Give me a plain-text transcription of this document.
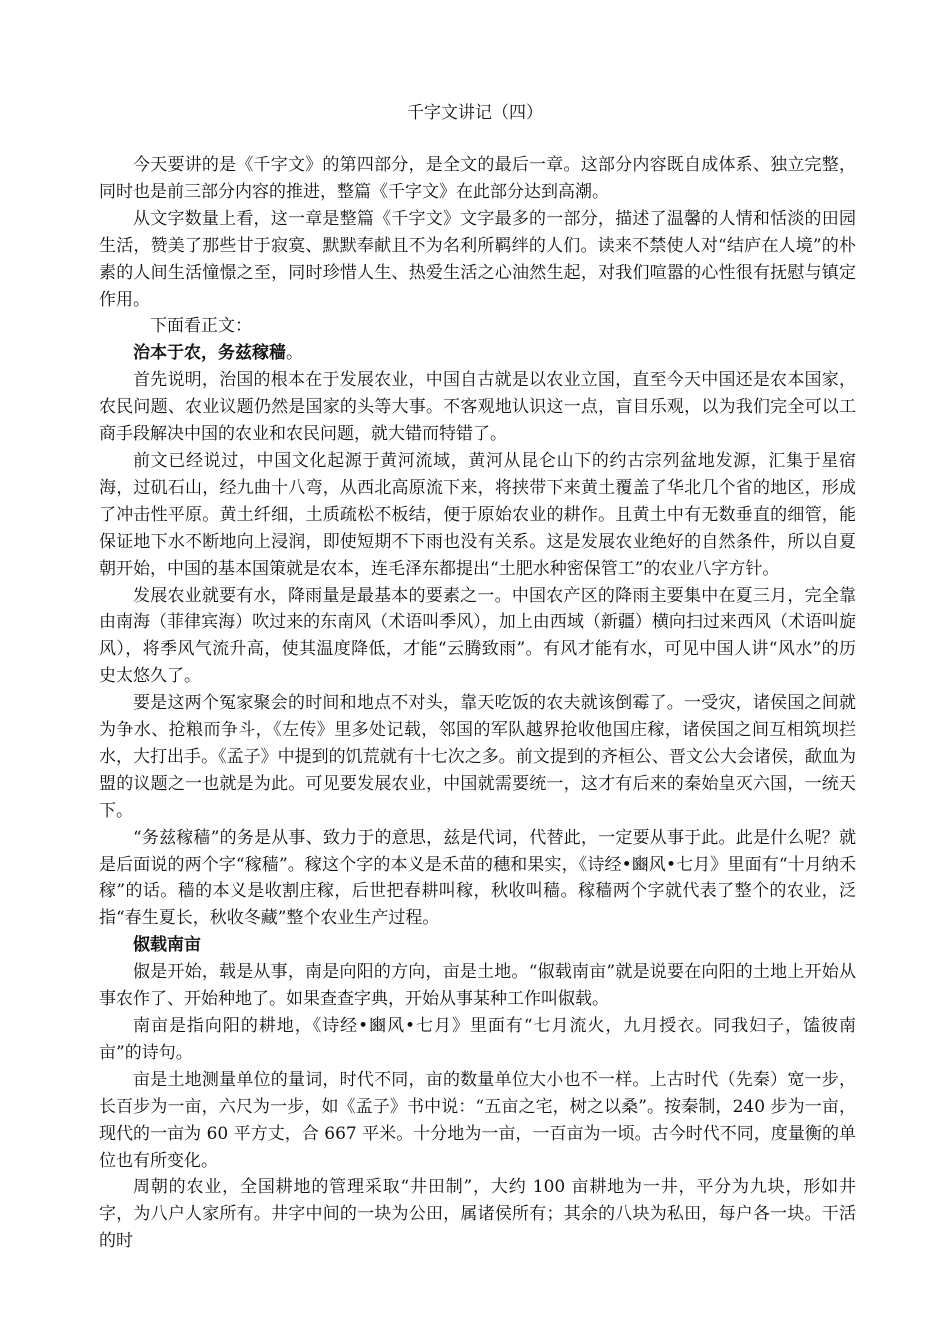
千字文讲记（四）

今天要讲的是《千字文》的第四部分，是全文的最后一章。这部分内容既自成体系、独立完整，同时也是前三部分内容的推进，整篇《千字文》在此部分达到高潮。

从文字数量上看，这一章是整篇《千字文》文字最多的一部分，描述了温馨的人情和恬淡的田园生活，赞美了那些甘于寂寞、默默奉献且不为名利所羁绊的人们。读来不禁使人对“结庐在人境”的朴素的人间生活憧憬之至，同时珍惜人生、热爱生活之心油然生起，对我们喧嚣的心性很有抚慰与镇定作用。

下面看正文：

治本于农，务兹稼穑。

首先说明，治国的根本在于发展农业，中国自古就是以农业立国，直至今天中国还是农本国家，农民问题、农业议题仍然是国家的头等大事。不客观地认识这一点，盲目乐观，以为我们完全可以工商手段解决中国的农业和农民问题，就大错而特错了。

前文已经说过，中国文化起源于黄河流域，黄河从昆仑山下的约古宗列盆地发源，汇集于星宿海，过矶石山，经九曲十八弯，从西北高原流下来，将挟带下来黄土覆盖了华北几个省的地区，形成了冲击性平原。黄土纤细，土质疏松不板结，便于原始农业的耕作。且黄土中有无数垂直的细管，能保证地下水不断地向上浸润，即使短期不下雨也没有关系。这是发展农业绝好的自然条件，所以自夏朝开始，中国的基本国策就是农本，连毛泽东都提出“土肥水种密保管工”的农业八字方针。

发展农业就要有水，降雨量是最基本的要素之一。中国农产区的降雨主要集中在夏三月，完全靠由南海（菲律宾海）吹过来的东南风（术语叫季风），加上由西域（新疆）横向扫过来西风（术语叫旋风），将季风气流升高，使其温度降低，才能“云腾致雨”。有风才能有水，可见中国人讲“风水”的历史太悠久了。

要是这两个冤家聚会的时间和地点不对头，靠天吃饭的农夫就该倒霉了。一受灾，诸侯国之间就为争水、抢粮而争斗，《左传》里多处记载，邻国的军队越界抢收他国庄稼，诸侯国之间互相筑坝拦水，大打出手。《孟子》中提到的饥荒就有十七次之多。前文提到的齐桓公、晋文公大会诸侯，歃血为盟的议题之一也就是为此。可见要发展农业，中国就需要统一，这才有后来的秦始皇灭六国，一统天下。

“务兹稼穑”的务是从事、致力于的意思，兹是代词，代替此，一定要从事于此。此是什么呢？就是后面说的两个字“稼穑”。稼这个字的本义是禾苗的穗和果实，《诗经•豳风•七月》里面有“十月纳禾稼”的话。穑的本义是收割庄稼，后世把春耕叫稼，秋收叫穑。稼穑两个字就代表了整个的农业，泛指“春生夏长，秋收冬藏”整个农业生产过程。

俶载南亩

俶是开始，载是从事，南是向阳的方向，亩是土地。“俶载南亩”就是说要在向阳的土地上开始从事农作了、开始种地了。如果查查字典，开始从事某种工作叫俶载。

南亩是指向阳的耕地，《诗经•豳风•七月》里面有“七月流火，九月授衣。同我妇子，馌彼南亩”的诗句。

亩是土地测量单位的量词，时代不同，亩的数量单位大小也不一样。上古时代（先秦）宽一步，长百步为一亩，六尺为一步，如《孟子》书中说：“五亩之宅，树之以桑”。按秦制，240 步为一亩，现代的一亩为 60 平方丈，合 667 平米。十分地为一亩，一百亩为一顷。古今时代不同，度量衡的单位也有所变化。

周朝的农业，全国耕地的管理采取“井田制”，大约 100 亩耕地为一井，平分为九块，形如井字，为八户人家所有。井字中间的一块为公田，属诸侯所有；其余的八块为私田，每户各一块。干活的时
